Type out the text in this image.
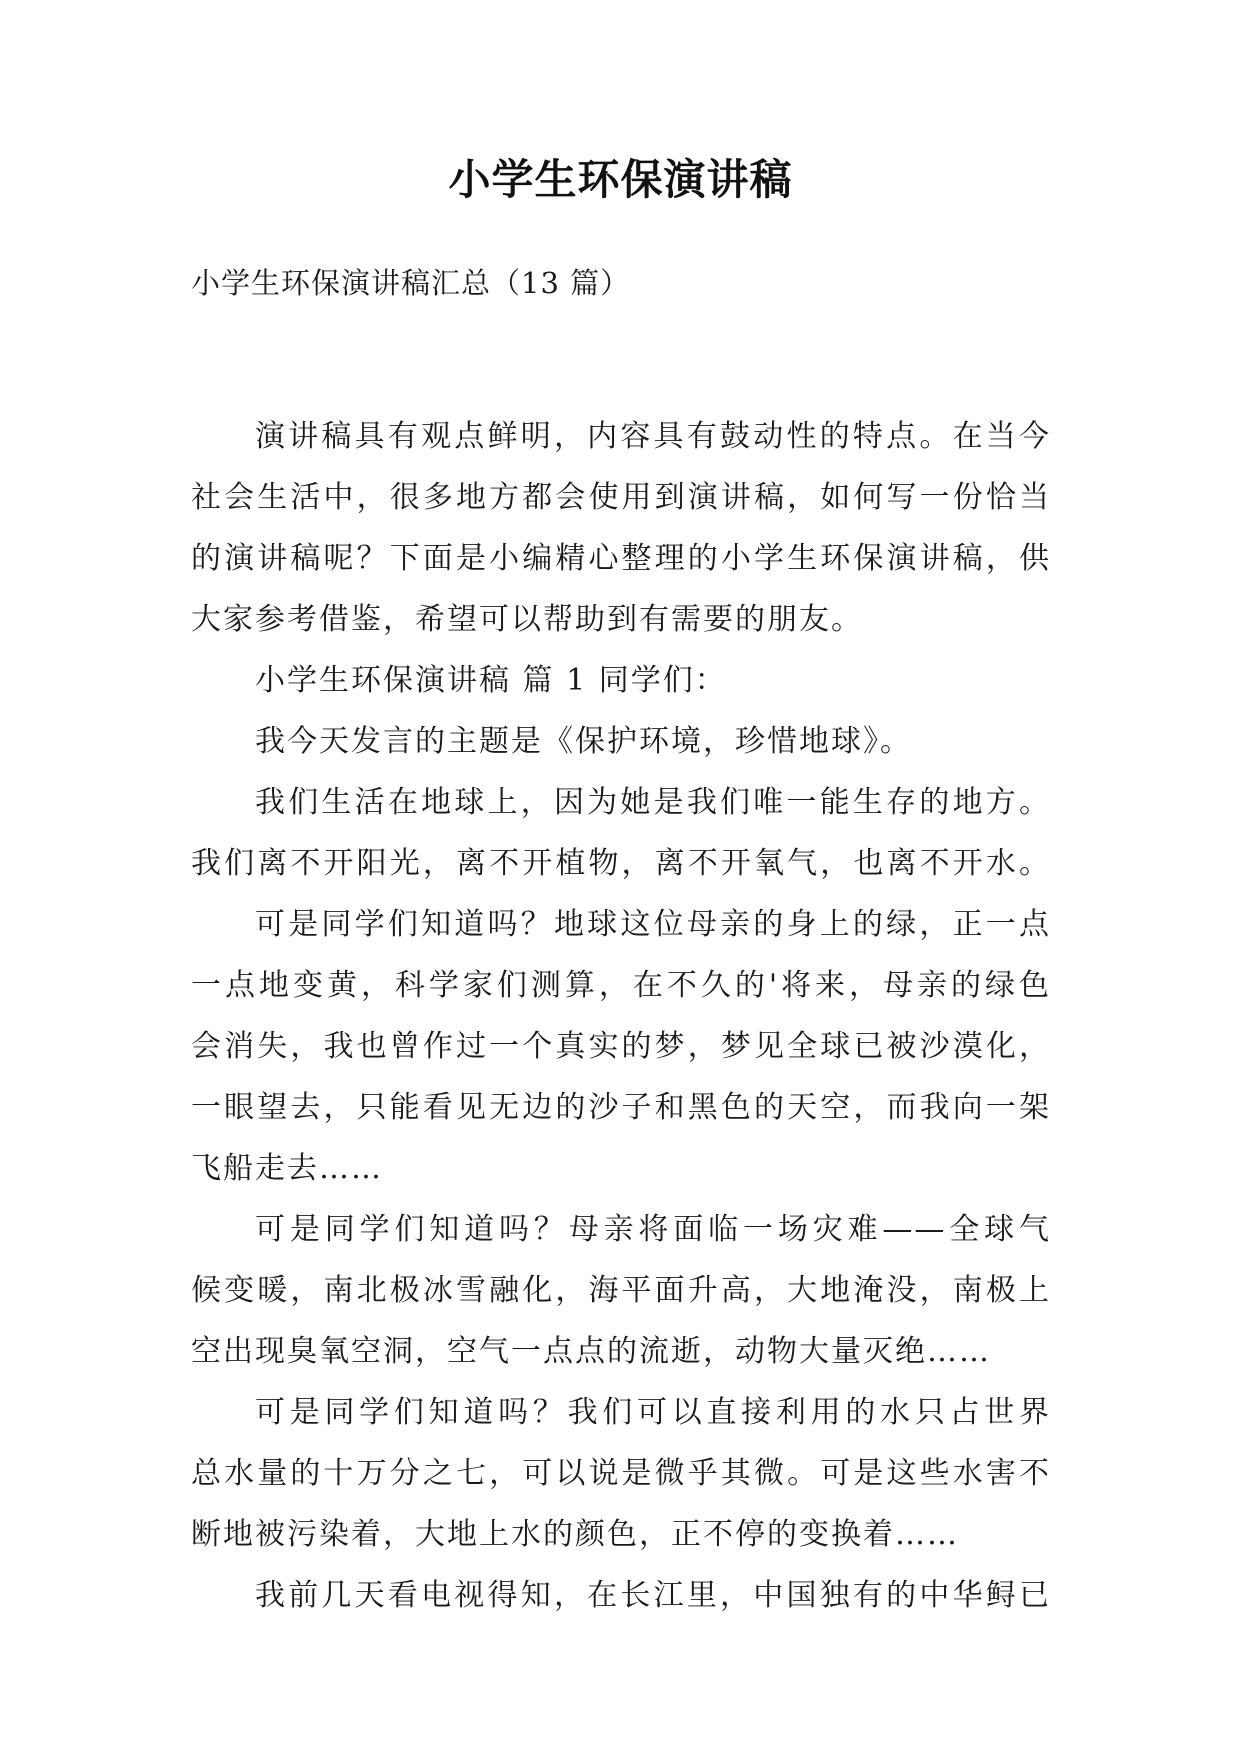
小学生环保演讲稿

小学生环保演讲稿汇总（13 篇）

演讲稿具有观点鲜明，内容具有鼓动性的特点。在当今
社会生活中，很多地方都会使用到演讲稿，如何写一份恰当
的演讲稿呢？下面是小编精心整理的小学生环保演讲稿，供
大家参考借鉴，希望可以帮助到有需要的朋友。
小学生环保演讲稿 篇 1 同学们：
我今天发言的主题是《保护环境，珍惜地球》。
我们生活在地球上，因为她是我们唯一能生存的地方。
我们离不开阳光，离不开植物，离不开氧气，也离不开水。
可是同学们知道吗？地球这位母亲的身上的绿，正一点
一点地变黄，科学家们测算，在不久的'将来，母亲的绿色
会消失，我也曾作过一个真实的梦，梦见全球已被沙漠化，
一眼望去，只能看见无边的沙子和黑色的天空，而我向一架
飞船走去……
可是同学们知道吗？母亲将面临一场灾难——全球气
候变暖，南北极冰雪融化，海平面升高，大地淹没，南极上
空出现臭氧空洞，空气一点点的流逝，动物大量灭绝……
可是同学们知道吗？我们可以直接利用的水只占世界
总水量的十万分之七，可以说是微乎其微。可是这些水害不
断地被污染着，大地上水的颜色，正不停的变换着……
我前几天看电视得知，在长江里，中国独有的中华鲟已
